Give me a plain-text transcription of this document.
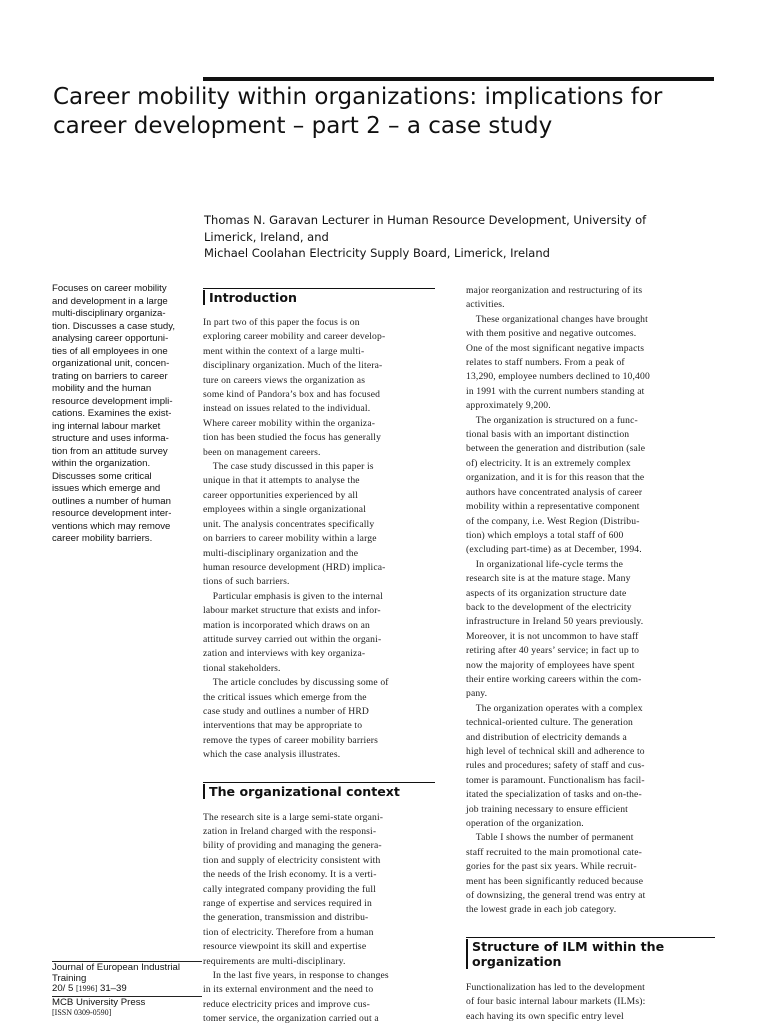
Career mobility within organizations: implications for
career development – part 2 – a case study
Thomas N. Garavan Lecturer in Human Resource Development, University of
Limerick, Ireland, and
Michael Coolahan Electricity Supply Board, Limerick, Ireland
Focuses on career mobility
and development in a large
multi-disciplinary organiza-
tion. Discusses a case study,
analysing career opportuni-
ties of all employees in one
organizational unit, concen-
trating on barriers to career
mobility and the human
resource development impli-
cations. Examines the exist-
ing internal labour market
structure and uses informa-
tion from an attitude survey
within the organization.
Discusses some critical
issues which emerge and
outlines a number of human
resource development inter-
ventions which may remove
career mobility barriers.
Journal of European Industrial
Training
20/ 5 [1996] 31–39
MCB University Press
[ISSN 0309-0590]
Introduction
In part two of this paper the focus is on
exploring career mobility and career develop-
ment within the context of a large multi-
disciplinary organization. Much of the litera-
ture on careers views the organization as
some kind of Pandora’s box and has focused
instead on issues related to the individual.
Where career mobility within the organiza-
tion has been studied the focus has generally
been on management careers.
 The case study discussed in this paper is
unique in that it attempts to analyse the
career opportunities experienced by all
employees within a single organizational
unit. The analysis concentrates specifically
on barriers to career mobility within a large
multi-disciplinary organization and the
human resource development (HRD) implica-
tions of such barriers.
 Particular emphasis is given to the internal
labour market structure that exists and infor-
mation is incorporated which draws on an
attitude survey carried out within the organi-
zation and interviews with key organiza-
tional stakeholders.
 The article concludes by discussing some of
the critical issues which emerge from the
case study and outlines a number of HRD
interventions that may be appropriate to
remove the types of career mobility barriers
which the case analysis illustrates.
The organizational context
The research site is a large semi-state organi-
zation in Ireland charged with the responsi-
bility of providing and managing the genera-
tion and supply of electricity consistent with
the needs of the Irish economy. It is a verti-
cally integrated company providing the full
range of expertise and services required in
the generation, transmission and distribu-
tion of electricity. Therefore from a human
resource viewpoint its skill and expertise
requirements are multi-disciplinary.
 In the last five years, in response to changes
in its external environment and the need to
reduce electricity prices and improve cus-
tomer service, the organization carried out a
major reorganization and restructuring of its
activities.
 These organizational changes have brought
with them positive and negative outcomes.
One of the most significant negative impacts
relates to staff numbers. From a peak of
13,290, employee numbers declined to 10,400
in 1991 with the current numbers standing at
approximately 9,200.
 The organization is structured on a func-
tional basis with an important distinction
between the generation and distribution (sale
of) electricity. It is an extremely complex
organization, and it is for this reason that the
authors have concentrated analysis of career
mobility within a representative component
of the company, i.e. West Region (Distribu-
tion) which employs a total staff of 600
(excluding part-time) as at December, 1994.
 In organizational life-cycle terms the
research site is at the mature stage. Many
aspects of its organization structure date
back to the development of the electricity
infrastructure in Ireland 50 years previously.
Moreover, it is not uncommon to have staff
retiring after 40 years’ service; in fact up to
now the majority of employees have spent
their entire working careers within the com-
pany.
 The organization operates with a complex
technical-oriented culture. The generation
and distribution of electricity demands a
high level of technical skill and adherence to
rules and procedures; safety of staff and cus-
tomer is paramount. Functionalism has facil-
itated the specialization of tasks and on-the-
job training necessary to ensure efficient
operation of the organization.
 Table I shows the number of permanent
staff recruited to the main promotional cate-
gories for the past six years. While recruit-
ment has been significantly reduced because
of downsizing, the general trend was entry at
the lowest grade in each job category.
Structure of ILM within the
organization
Functionalization has led to the development
of four basic internal labour markets (ILMs):
each having its own specific entry level
